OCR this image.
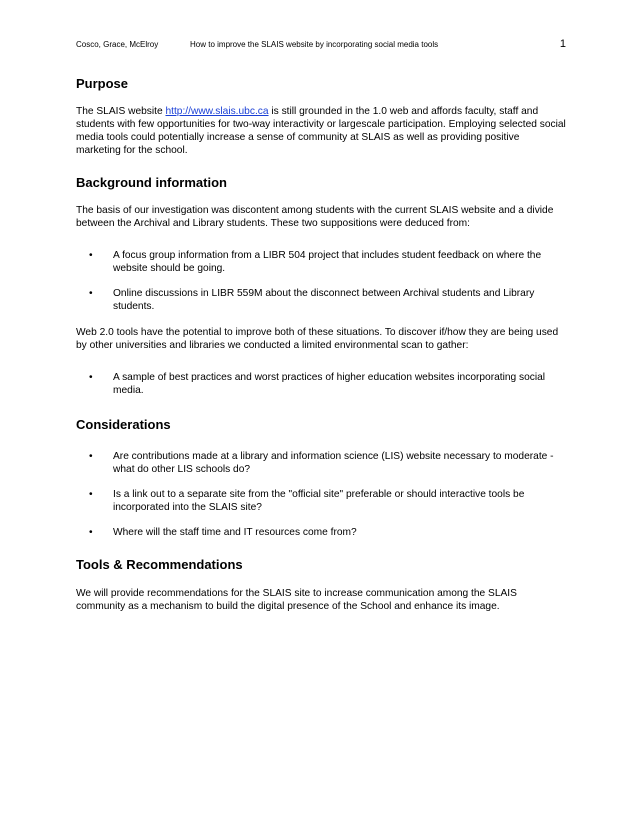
Cosco, Grace, McElroy	How to improve the SLAIS website by incorporating social media tools	1
Purpose

The SLAIS website http://www.slais.ubc.ca is still grounded in the 1.0 web and affords faculty, staff and students with few opportunities for two-way interactivity or largescale participation. Employing selected social media tools could potentially increase a sense of community at SLAIS as well as providing positive marketing for the school.

Background information

The basis of our investigation was discontent among students with the current SLAIS website and a divide between the Archival and Library students. These two suppositions were deduced from:

• A focus group information from a LIBR 504 project that includes student feedback on where the website should be going.
• Online discussions in LIBR 559M about the disconnect between Archival students and Library students.

Web 2.0 tools have the potential to improve both of these situations. To discover if/how they are being used by other universities and libraries we conducted a limited environmental scan to gather:

• A sample of best practices and worst practices of higher education websites incorporating social media.
Considerations
• Are contributions made at a library and information science (LIS) website necessary to moderate - what do other LIS schools do?
• Is a link out to a separate site from the "official site" preferable or should interactive tools be incorporated into the SLAIS site?
• Where will the staff time and IT resources come from?
Tools & Recommendations

We will provide recommendations for the SLAIS site to increase communication among the SLAIS community as a mechanism to build the digital presence of the School and enhance its image.
